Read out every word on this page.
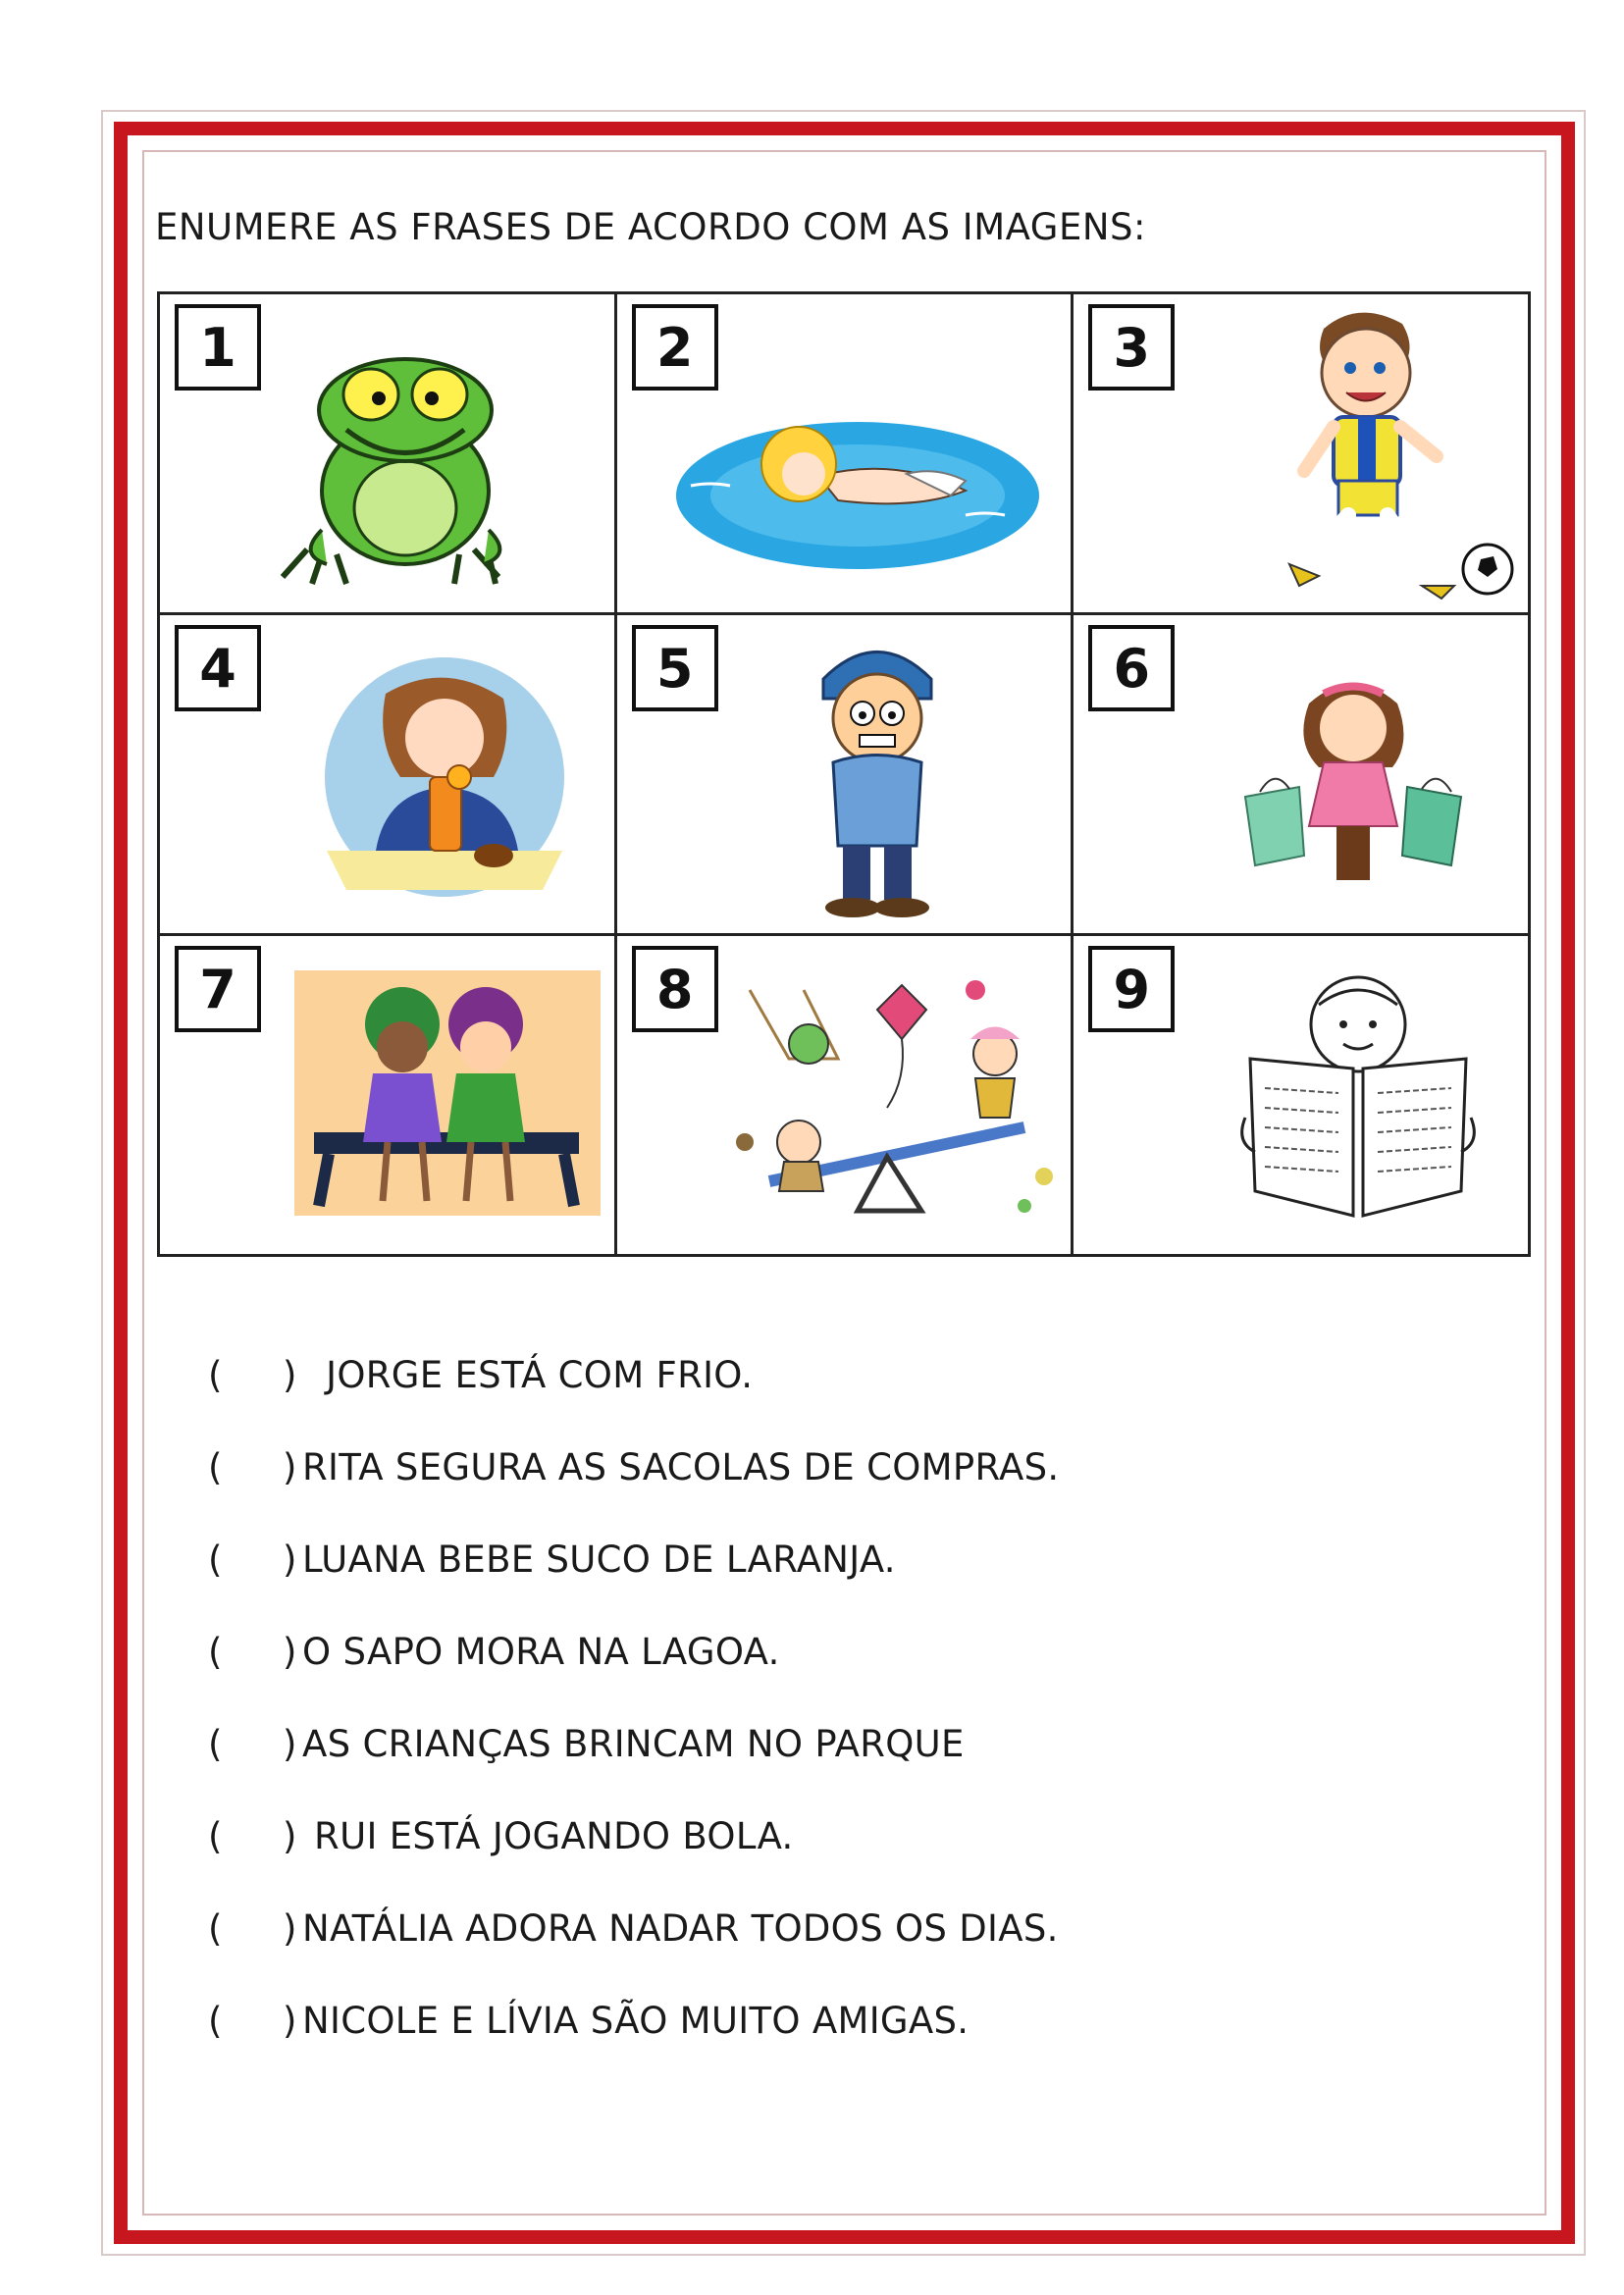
ENUMERE AS FRASES DE ACORDO COM AS IMAGENS:
1	2	3

4	5	6

7	8	9
(	) JORGE ESTÁ COM FRIO.
(	) RITA SEGURA AS SACOLAS DE COMPRAS.
(	) LUANA BEBE SUCO DE LARANJA.
(	) O SAPO MORA NA LAGOA.
(	) AS CRIANÇAS BRINCAM NO PARQUE
(	) RUI ESTÁ JOGANDO BOLA.
(	) NATÁLIA ADORA NADAR TODOS OS DIAS.
(	) NICOLE E LÍVIA SÃO MUITO AMIGAS.
